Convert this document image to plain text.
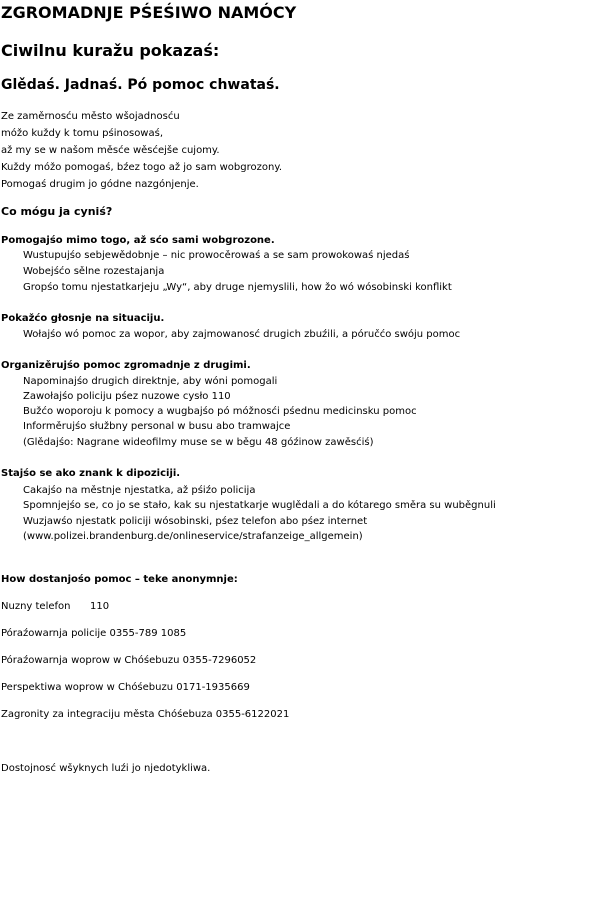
ZGROMADNJE PŚEŚIWO NAMÓCY
Ciwilnu kuražu pokazaś:
Glědaś. Jadnaś. Pó pomoc chwataś.
Ze zaměrnosću město wšojadnosću
móžo kuždy k tomu pśinosowaś,
až my se w našom měsće wěsćejše cujomy.
Kuždy móžo pomogaś, bźez togo až jo sam wobgrozony.
Pomogaś drugim jo gódne nazgónjenje.
Co mógu ja cyniś?
Pomogajśo mimo togo, až sćo sami wobgrozone.
Wustupujśo sebjewědobnje – nic prowocěrowaś a se sam prowokowaś njedaś
Wobejśćo sělne rozestajanja
Gropśo tomu njestatkarjeju „Wy“, aby druge njemyslili, how žo wó wósobinski konflikt
Pokažćo głosnje na situaciju.
Wołajśo wó pomoc za wopor, aby zajmowanosć drugich zbuźili, a póručćo swóju pomoc
Organizěrujśo pomoc zgromadnje z drugimi.
Napominajśo drugich direktnje, aby wóni pomogali
Zawołajśo policiju pśez nuzowe cysło 110
Bužćo woporoju k pomocy a wugbajśo pó móžnosći pśednu medicinsku pomoc
Informěrujśo słužbny personal w busu abo tramwajce
(Glědajśo: Nagrane wideofilmy muse se w běgu 48 góźinow zawěsćiś)
Stajśo se ako znank k dipoziciji.
Cakajśo na městnje njestatka, až pśiźo policija
Spomnjejśo se, co jo se stało, kak su njestatkarje wuglědali a do kótarego směra su wuběgnuli
Wuzjawśo njestatk policiji wósobinski, pśez telefon abo pśez internet
(www.polizei.brandenburg.de/onlineservice/strafanzeige_allgemein)
How dostanjośo pomoc – teke anonymnje:
Nuzny telefon 110
Póraźowarnja policije 0355-789 1085
Póraźowarnja woprow w Chóśebuzu 0355-7296052
Perspektiwa woprow w Chóśebuzu 0171-1935669
Zagronity za integraciju města Chóśebuza 0355-6122021
Dostojnosć wšyknych luźi jo njedotykliwa.
